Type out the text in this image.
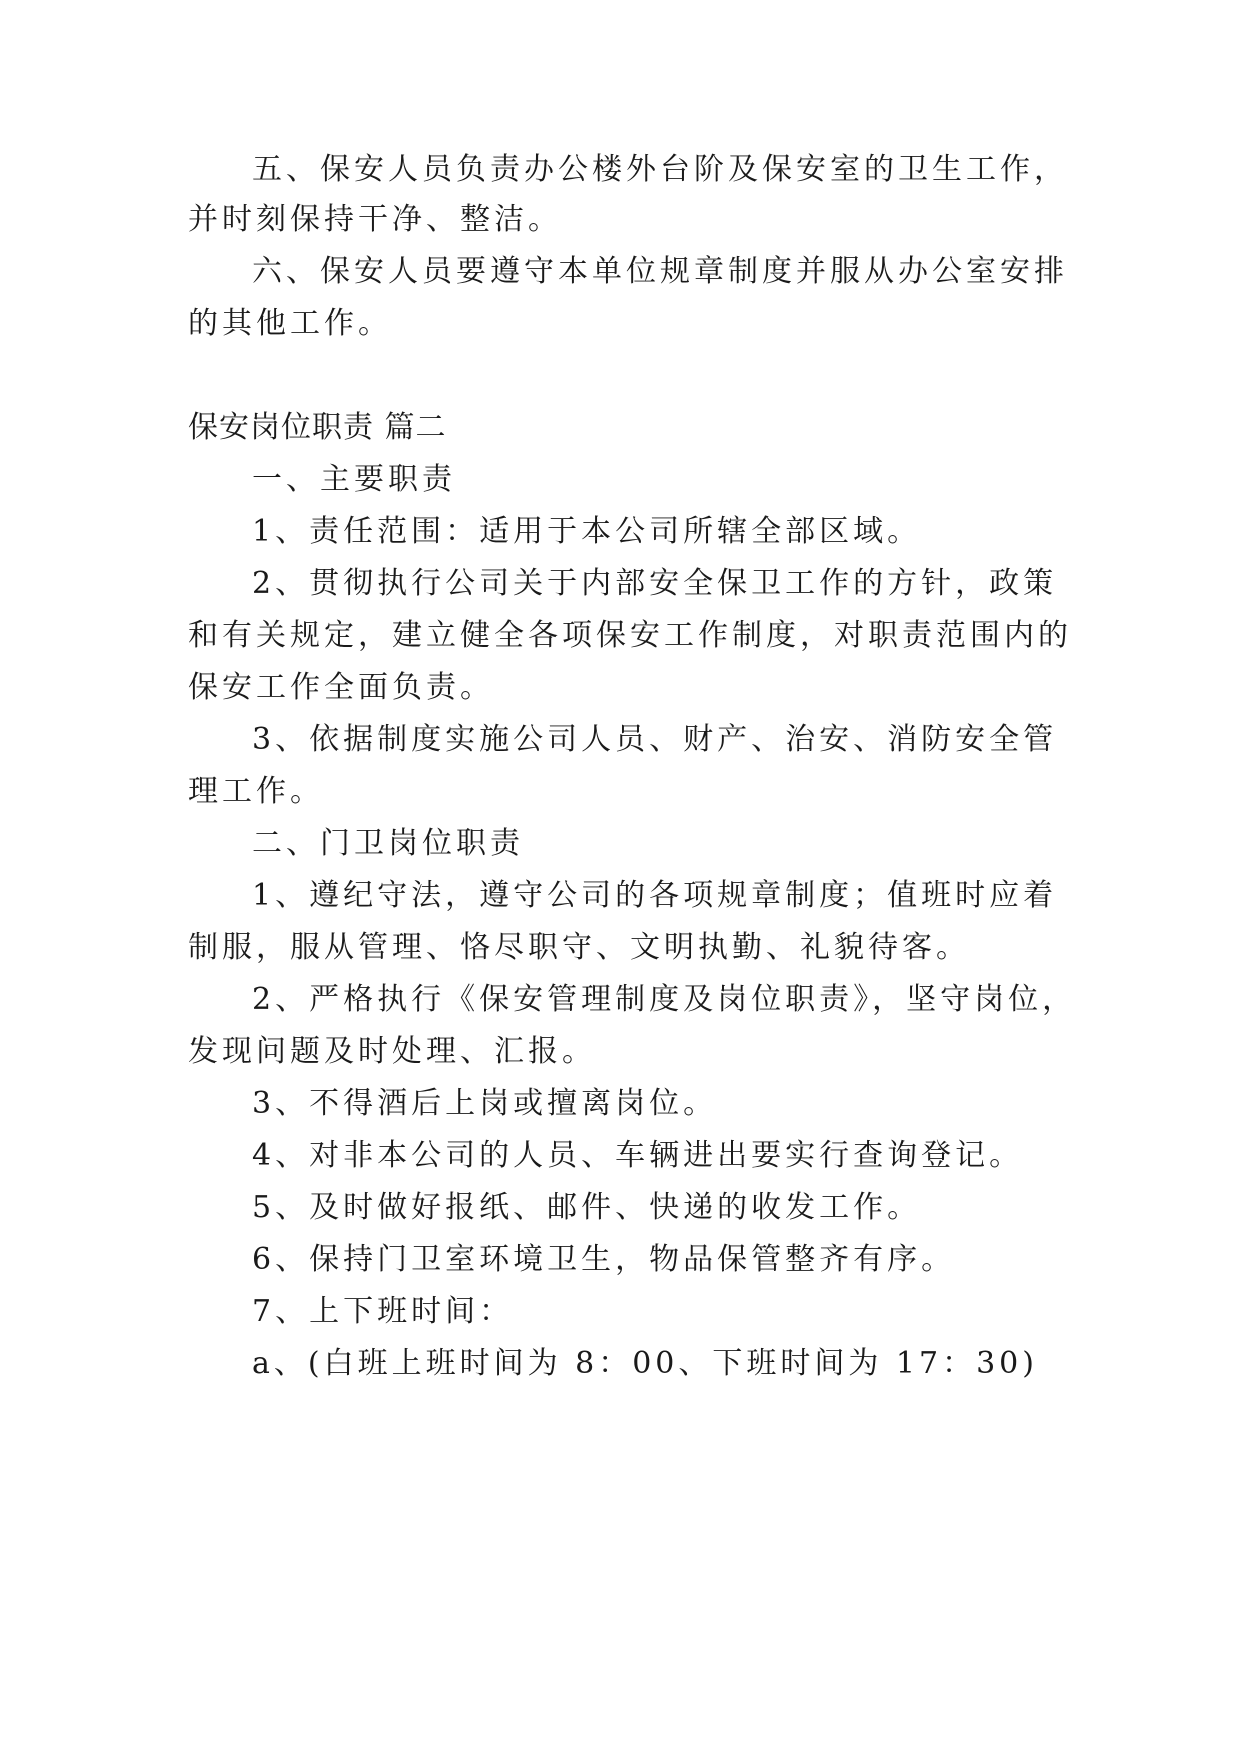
五、保安人员负责办公楼外台阶及保安室的卫生工作，
并时刻保持干净、整洁。
六、保安人员要遵守本单位规章制度并服从办公室安排
的其他工作。
保安岗位职责 篇二
一、主要职责
1、责任范围：适用于本公司所辖全部区域。
2、贯彻执行公司关于内部安全保卫工作的方针，政策
和有关规定，建立健全各项保安工作制度，对职责范围内的
保安工作全面负责。
3、依据制度实施公司人员、财产、治安、消防安全管
理工作。
二、门卫岗位职责
1、遵纪守法，遵守公司的各项规章制度；值班时应着
制服，服从管理、恪尽职守、文明执勤、礼貌待客。
2、严格执行《保安管理制度及岗位职责》，坚守岗位，
发现问题及时处理、汇报。
3、不得酒后上岗或擅离岗位。
4、对非本公司的人员、车辆进出要实行查询登记。
5、及时做好报纸、邮件、快递的收发工作。
6、保持门卫室环境卫生，物品保管整齐有序。
7、上下班时间：
a、(白班上班时间为 8：00、下班时间为 17：30)
